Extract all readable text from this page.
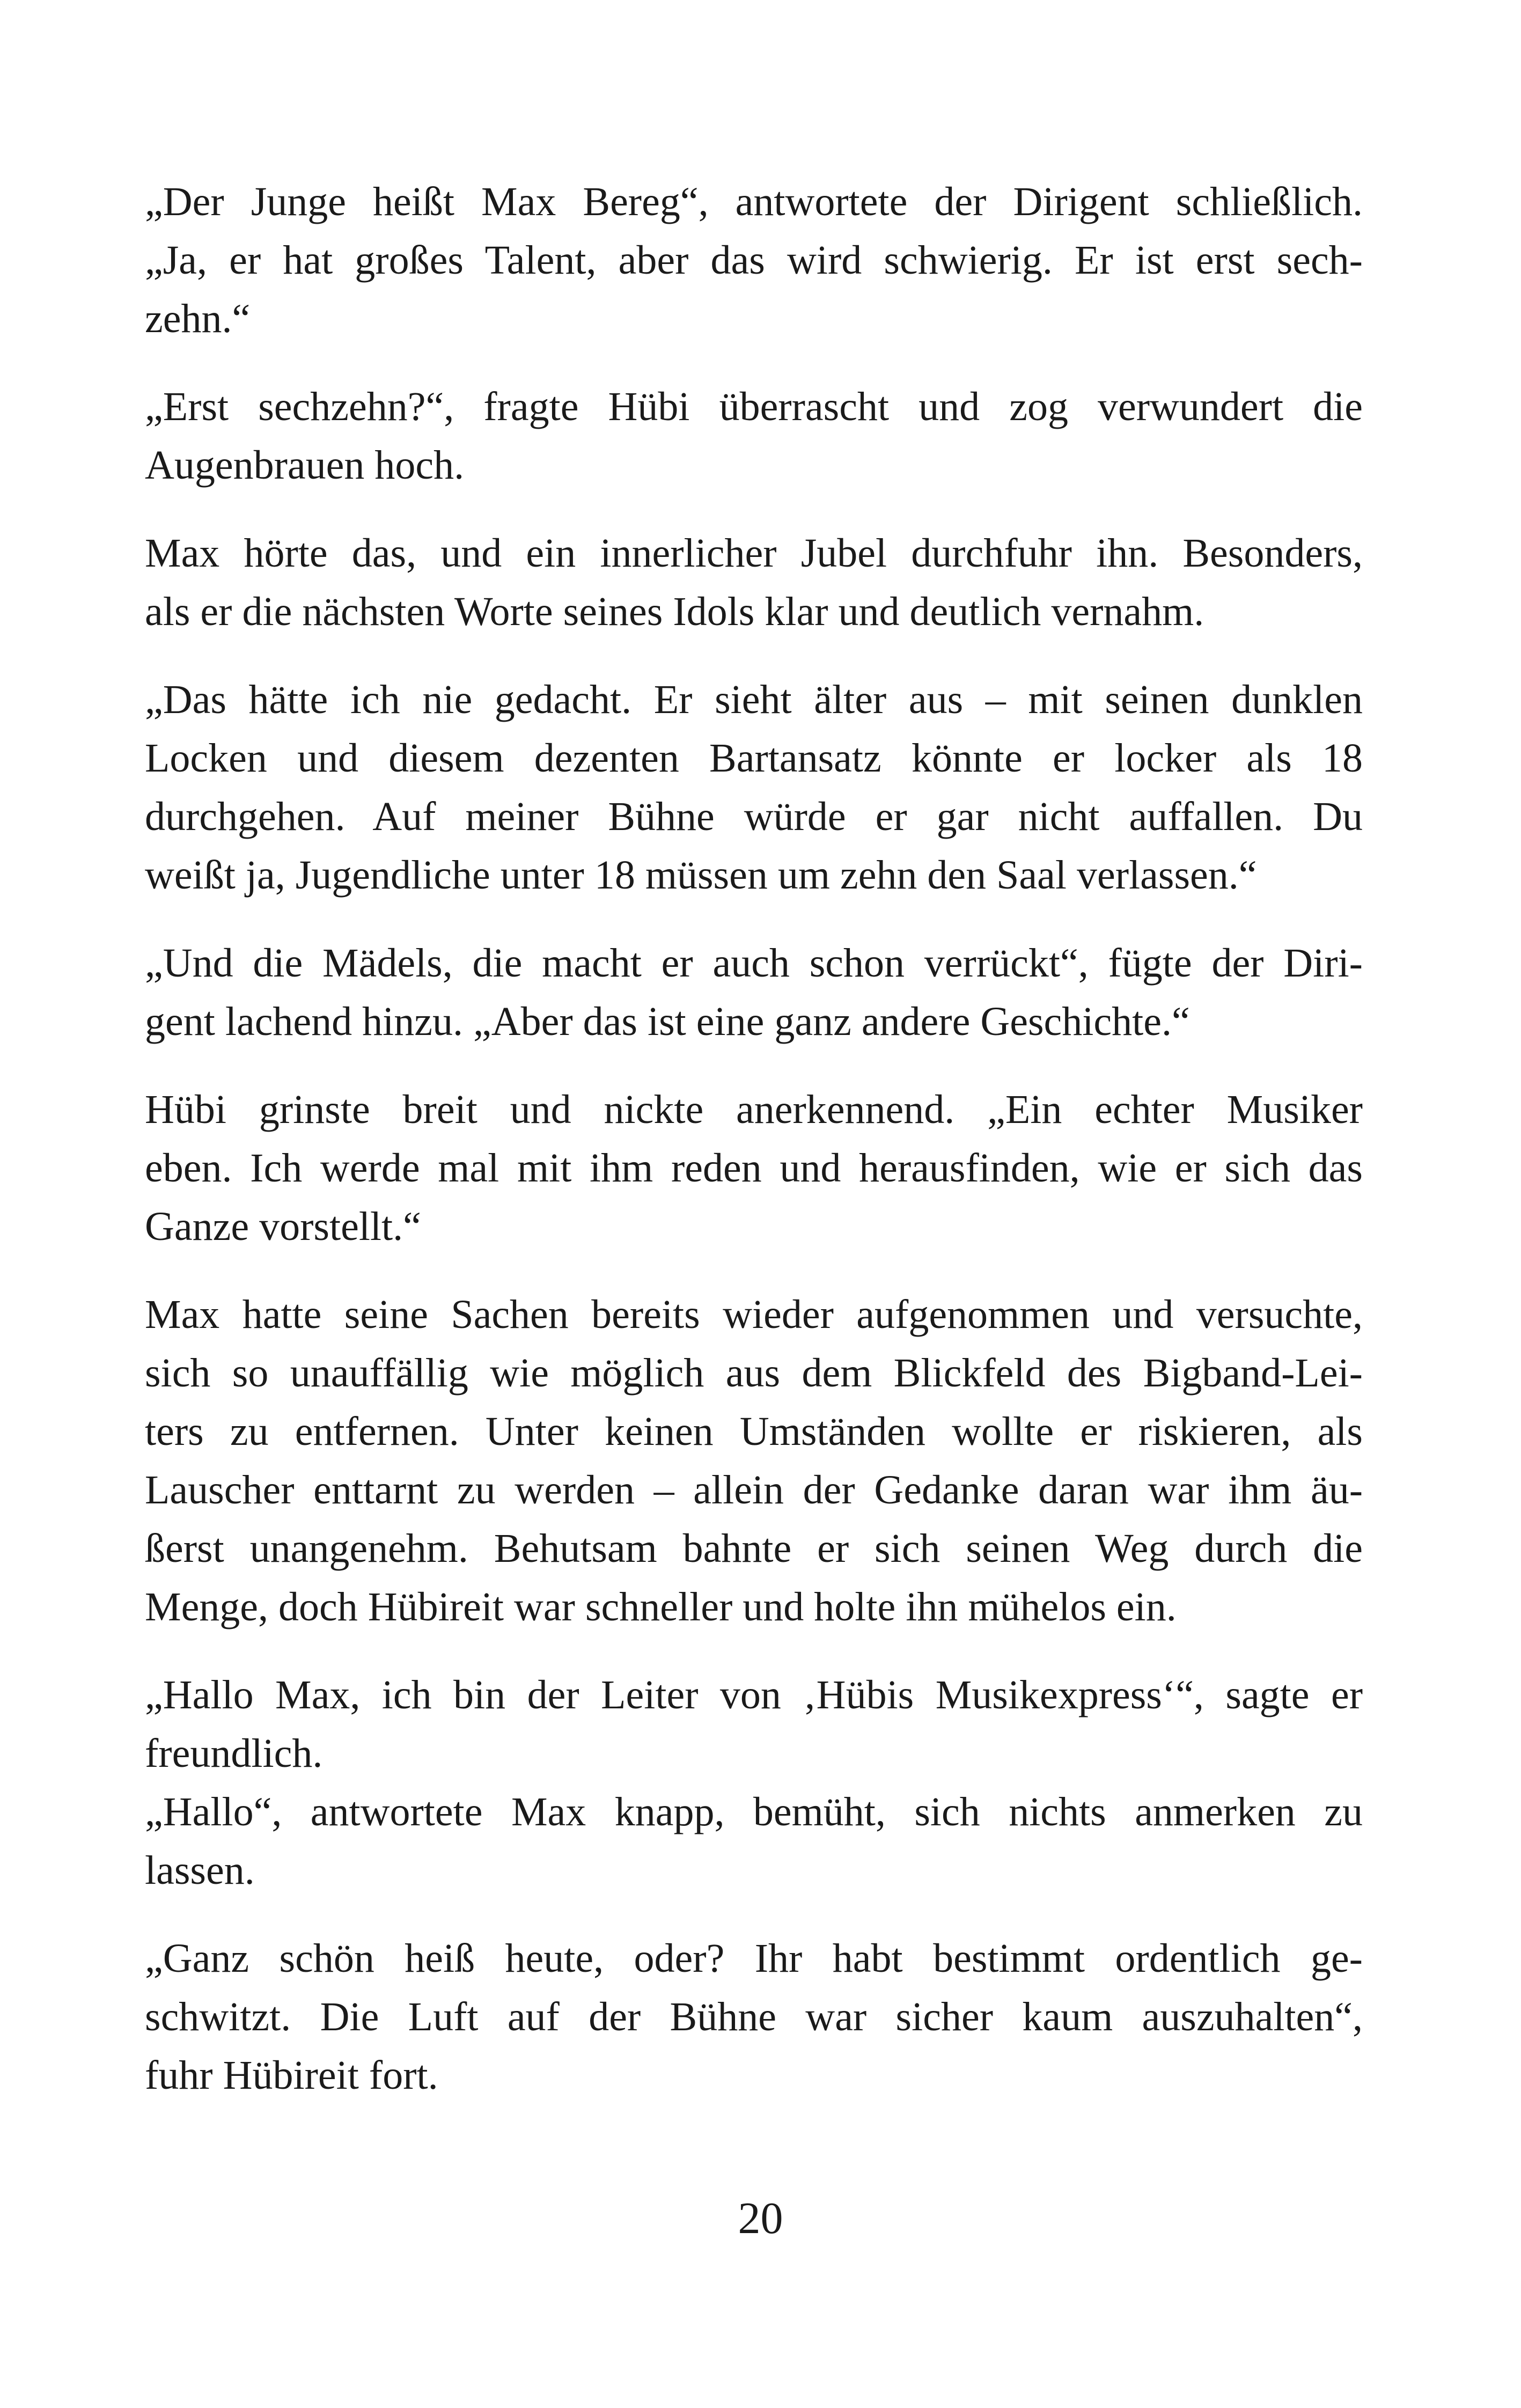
„Der Junge heißt Max Bereg“, antwortete der Dirigent schließlich.
„Ja, er hat großes Talent, aber das wird schwierig. Er ist erst sech-
zehn.“
„Erst sechzehn?“, fragte Hübi überrascht und zog verwundert die
Augenbrauen hoch.
Max hörte das, und ein innerlicher Jubel durchfuhr ihn. Besonders,
als er die nächsten Worte seines Idols klar und deutlich vernahm.
„Das hätte ich nie gedacht. Er sieht älter aus – mit seinen dunklen
Locken und diesem dezenten Bartansatz könnte er locker als 18
durchgehen. Auf meiner Bühne würde er gar nicht auffallen. Du
weißt ja, Jugendliche unter 18 müssen um zehn den Saal verlassen.“
„Und die Mädels, die macht er auch schon verrückt“, fügte der Diri-
gent lachend hinzu. „Aber das ist eine ganz andere Geschichte.“
Hübi grinste breit und nickte anerkennend. „Ein echter Musiker
eben. Ich werde mal mit ihm reden und herausfinden, wie er sich das
Ganze vorstellt.“
Max hatte seine Sachen bereits wieder aufgenommen und versuchte,
sich so unauffällig wie möglich aus dem Blickfeld des Bigband-Lei-
ters zu entfernen. Unter keinen Umständen wollte er riskieren, als
Lauscher enttarnt zu werden – allein der Gedanke daran war ihm äu-
ßerst unangenehm. Behutsam bahnte er sich seinen Weg durch die
Menge, doch Hübireit war schneller und holte ihn mühelos ein.
„Hallo Max, ich bin der Leiter von ‚Hübis Musikexpress‘“, sagte er
freundlich.
„Hallo“, antwortete Max knapp, bemüht, sich nichts anmerken zu
lassen.
„Ganz schön heiß heute, oder? Ihr habt bestimmt ordentlich ge-
schwitzt. Die Luft auf der Bühne war sicher kaum auszuhalten“,
fuhr Hübireit fort.
20
